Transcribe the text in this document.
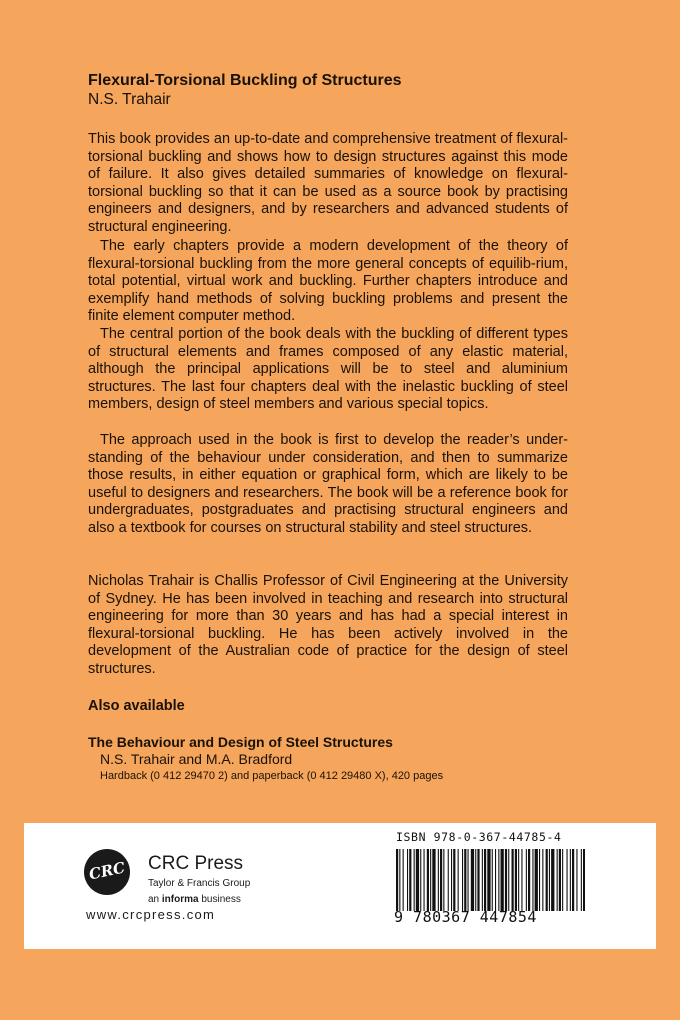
Flexural-Torsional Buckling of Structures
N.S. Trahair

This book provides an up-to-date and comprehensive treatment of flexural-torsional buckling and shows how to design structures against this mode of failure. It also gives detailed summaries of knowledge on flexural-torsional buckling so that it can be used as a source book by practising engineers and designers, and by researchers and advanced students of structural engineering.

The early chapters provide a modern development of the theory of flexural-torsional buckling from the more general concepts of equilib-rium, total potential, virtual work and buckling. Further chapters introduce and exemplify hand methods of solving buckling problems and present the finite element computer method.

The central portion of the book deals with the buckling of different types of structural elements and frames composed of any elastic material, although the principal applications will be to steel and aluminium structures. The last four chapters deal with the inelastic buckling of steel members, design of steel members and various special topics.

The approach used in the book is first to develop the reader’s under-standing of the behaviour under consideration, and then to summarize those results, in either equation or graphical form, which are likely to be useful to designers and researchers. The book will be a reference book for undergraduates, postgraduates and practising structural engineers and also a textbook for courses on structural stability and steel structures.

Nicholas Trahair is Challis Professor of Civil Engineering at the University of Sydney. He has been involved in teaching and research into structural engineering for more than 30 years and has had a special interest in flexural-torsional buckling. He has been actively involved in the development of the Australian code of practice for the design of steel structures.

Also available
The Behaviour and Design of Steel Structures
N.S. Trahair and M.A. Bradford
Hardback (0 412 29470 2) and paperback (0 412 29480 X), 420 pages
CRC CRC Press
Taylor & Francis Group
an informa business
www.crcpress.com
ISBN 978-0-367-44785-4
9 780367 447854
